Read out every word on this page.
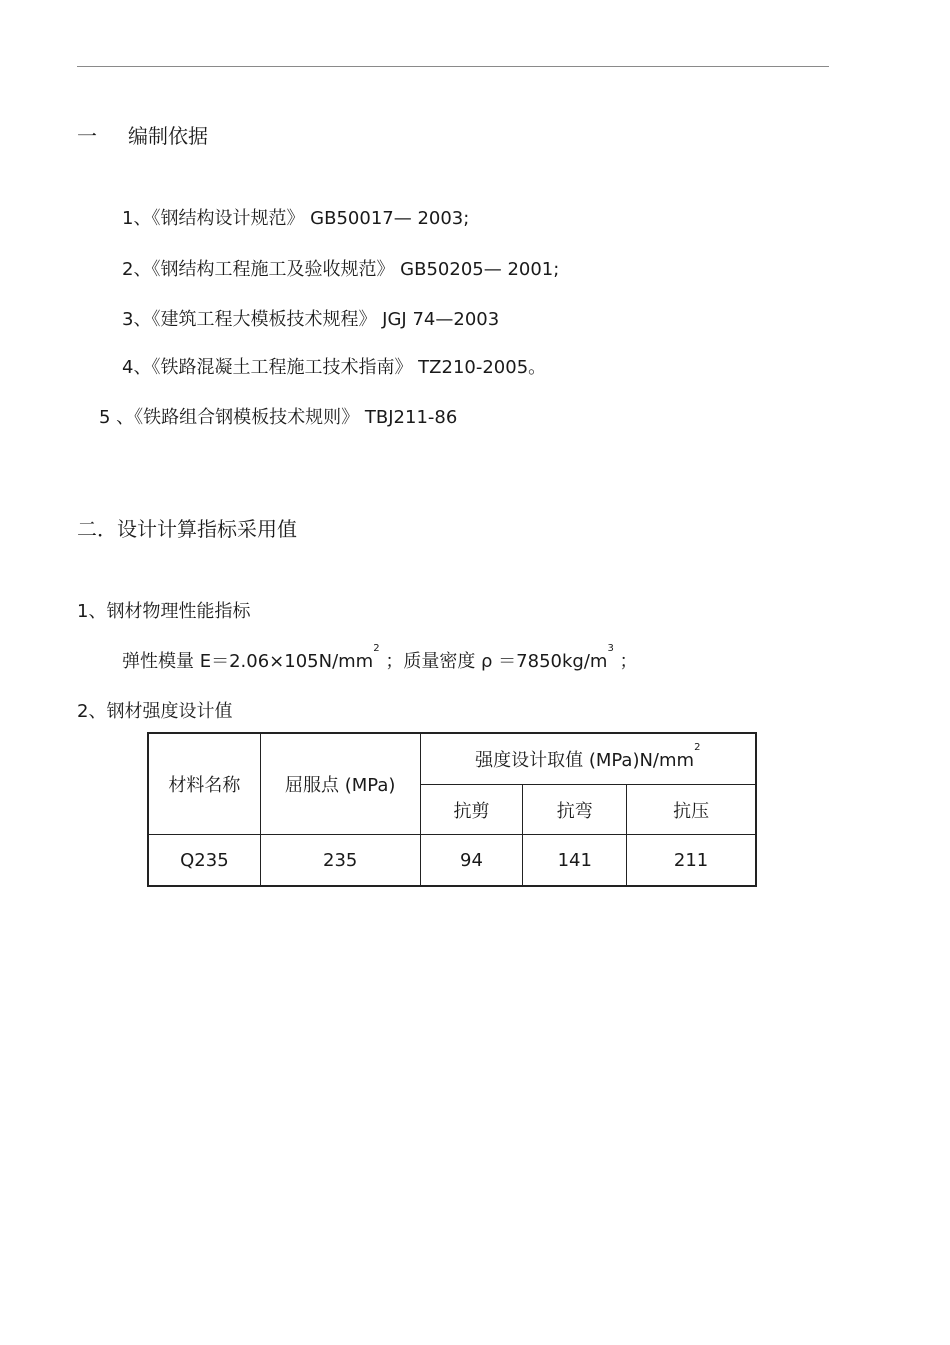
一 编制依据
1、《钢结构设计规范》 GB50017— 2003;
2、《钢结构工程施工及验收规范》 GB50205— 2001;
3、《建筑工程大模板技术规程》 JGJ 74—2003
4、《铁路混凝土工程施工技术指南》 TZ210-2005。
5 、《铁路组合钢模板技术规则》 TBJ211-86
二．设计计算指标采用值
1、钢材物理性能指标
弹性模量 $E=2.06\times 105N/mm^2$ ；质量密度 $\rho =7850kg/m^3$ ；
2、钢材强度设计值
材料名称	屈服点 (MPa)	强度设计取值 $(MPa)N/mm^2$
		抗剪	抗弯	抗压
Q235	235	94	141	211
